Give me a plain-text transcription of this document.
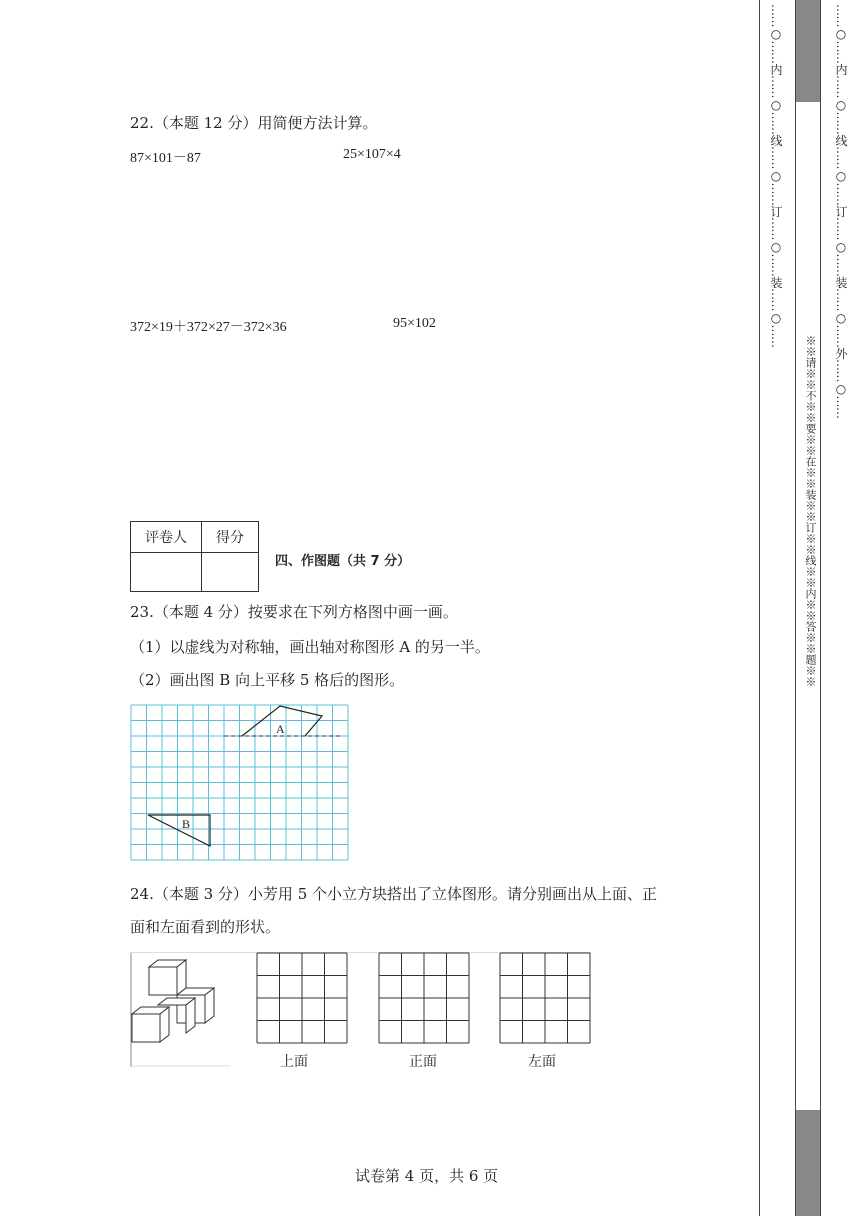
22.（本题 12 分）用简便方法计算。
87×101－87	25×107×4
372×19＋372×27－372×36	95×102
评卷人	得分

四、作图题（共 7 分）
23.（本题 4 分）按要求在下列方格图中画一画。
（1）以虚线为对称轴，画出轴对称图形 A 的另一半。
（2）画出图 B 向上平移 5 格后的图形。
A
B
24.（本题 3 分）小芳用 5 个小立方块搭出了立体图形。请分别画出从上面、正
面和左面看到的形状。
上面	正面	左面
试卷第 4 页，共 6 页
……○……内……○……线……○……订……○……装……○……
※※请※※不※※要※※在※※装※※订※※线※※内※※答※※题※※
……○……内……○……线……○……订……○……装……○……外……○……
